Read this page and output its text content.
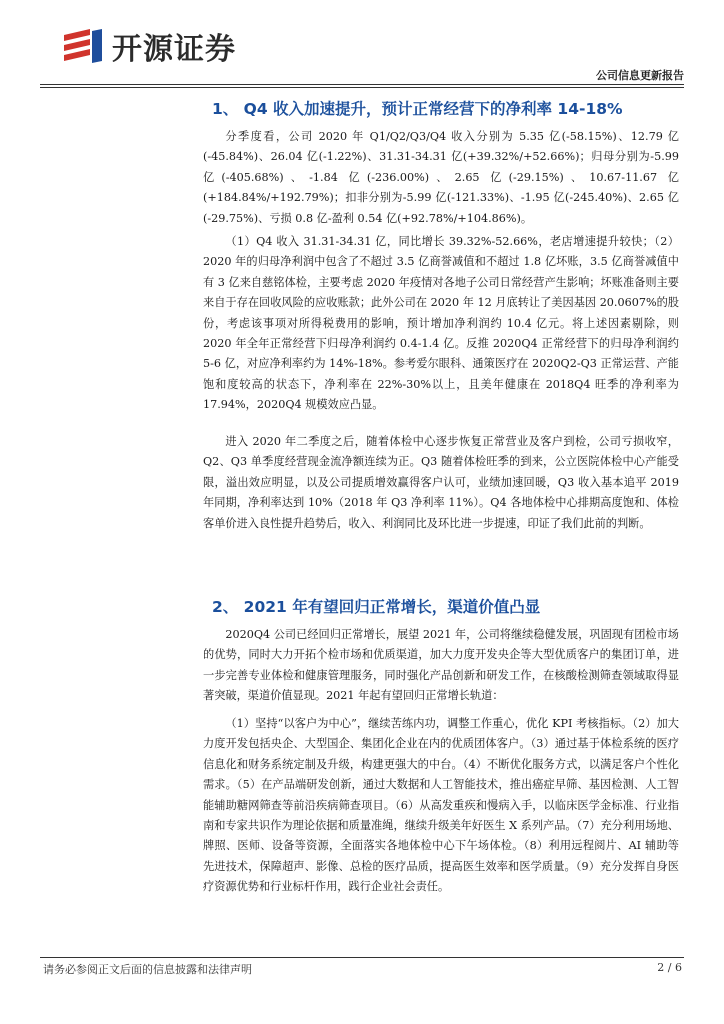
开源证券
公司信息更新报告
1、 Q4 收入加速提升，预计正常经营下的净利率 14-18%

分季度看，公司 2020 年 Q1/Q2/Q3/Q4 收入分别为 5.35 亿(-58.15%)、12.79 亿(-45.84%)、26.04 亿(-1.22%)、31.31-34.31 亿(+39.32%/+52.66%)；归母分别为-5.99 亿(-405.68%)、-1.84 亿(-236.00%)、2.65 亿(-29.15%)、10.67-11.67 亿(+184.84%/+192.79%)；扣非分别为-5.99 亿(-121.33%)、-1.95 亿(-245.40%)、2.65 亿(-29.75%)、亏损 0.8 亿-盈利 0.54 亿(+92.78%/+104.86%)。

（1）Q4 收入 31.31-34.31 亿，同比增长 39.32%-52.66%，老店增速提升较快；（2）2020 年的归母净利润中包含了不超过 3.5 亿商誉减值和不超过 1.8 亿坏账，3.5 亿商誉减值中有 3 亿来自慈铭体检，主要考虑 2020 年疫情对各地子公司日常经营产生影响；坏账准备则主要来自于存在回收风险的应收账款；此外公司在 2020 年 12 月底转让了美因基因 20.0607%的股份，考虑该事项对所得税费用的影响，预计增加净利润约 10.4 亿元。将上述因素剔除，则 2020 年全年正常经营下归母净利润约 0.4-1.4 亿。反推 2020Q4 正常经营下的归母净利润约 5-6 亿，对应净利率约为 14%-18%。参考爱尔眼科、通策医疗在 2020Q2-Q3 正常运营、产能饱和度较高的状态下，净利率在 22%-30%以上，且美年健康在 2018Q4 旺季的净利率为 17.94%，2020Q4 规模效应凸显。

进入 2020 年二季度之后，随着体检中心逐步恢复正常营业及客户到检，公司亏损收窄，Q2、Q3 单季度经营现金流净额连续为正。Q3 随着体检旺季的到来，公立医院体检中心产能受限，溢出效应明显，以及公司提质增效赢得客户认可，业绩加速回暖，Q3 收入基本追平 2019 年同期，净利率达到 10%（2018 年 Q3 净利率 11%）。Q4 各地体检中心排期高度饱和、体检客单价进入良性提升趋势后，收入、利润同比及环比进一步提速，印证了我们此前的判断。

2、 2021 年有望回归正常增长，渠道价值凸显

2020Q4 公司已经回归正常增长，展望 2021 年，公司将继续稳健发展，巩固现有团检市场的优势，同时大力开拓个检市场和优质渠道，加大力度开发央企等大型优质客户的集团订单，进一步完善专业体检和健康管理服务，同时强化产品创新和研发工作，在核酸检测筛查领域取得显著突破，渠道价值显现。2021 年起有望回归正常增长轨道：

（1）坚持“以客户为中心”，继续苦练内功，调整工作重心，优化 KPI 考核指标。（2）加大力度开发包括央企、大型国企、集团化企业在内的优质团体客户。（3）通过基于体检系统的医疗信息化和财务系统定制及升级，构建更强大的中台。（4）不断优化服务方式，以满足客户个性化需求。（5）在产品端研发创新，通过大数据和人工智能技术，推出癌症早筛、基因检测、人工智能辅助糖网筛查等前沿疾病筛查项目。（6）从高发重疾和慢病入手，以临床医学金标准、行业指南和专家共识作为理论依据和质量准绳，继续升级美年好医生 X 系列产品。（7）充分利用场地、牌照、医师、设备等资源，全面落实各地体检中心下午场体检。（8）利用远程阅片、AI 辅助等先进技术，保障超声、影像、总检的医疗品质，提高医生效率和医学质量。（9）充分发挥自身医疗资源优势和行业标杆作用，践行企业社会责任。

请务必参阅正文后面的信息披露和法律声明	2 / 6
